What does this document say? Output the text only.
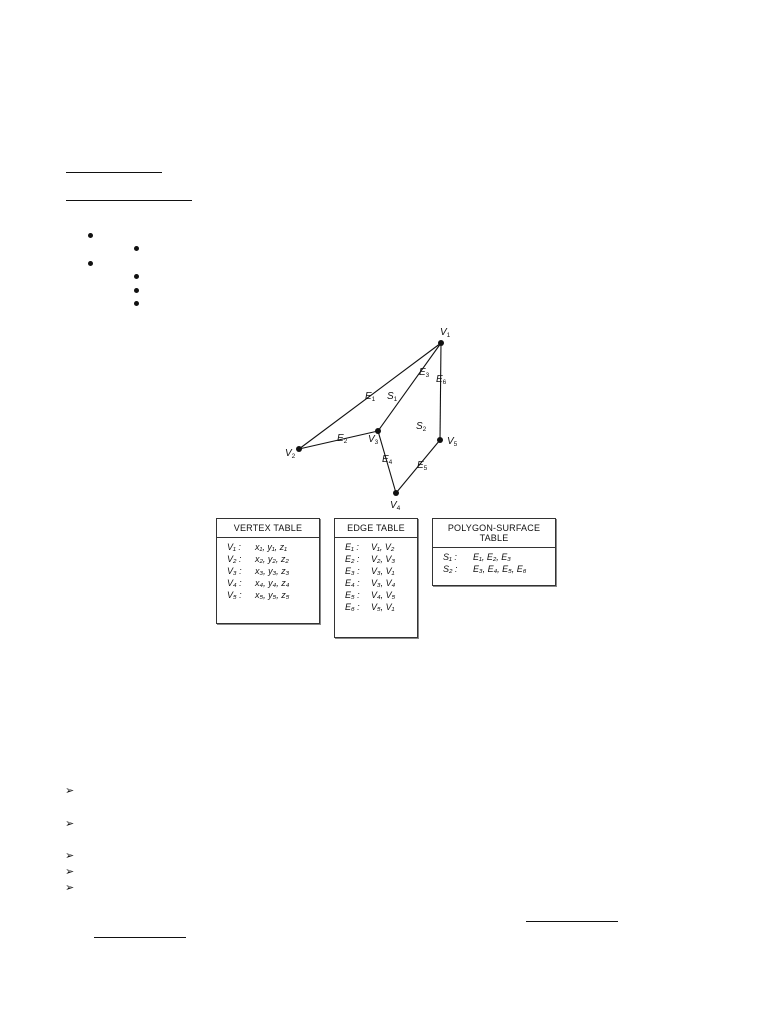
$V_1$
$V_2$
$V_3$
$V_4$
$V_5$
$E_1$
$E_2$
$E_3$
$E_4$ $E_5$
$E_6$
$S_1$
$S_2$
VERTEX TABLE
V₁ :	x₁, y₁, z₁
V₂ :	x₂, y₂, z₂
V₃ :	x₃, y₃, z₃
V₄ :	x₄, y₄, z₄
V₅ :	x₅, y₅, z₅
EDGE TABLE
E₁ :	V₁, V₂
E₂ :	V₂, V₃
E₃ :	V₃, V₁
E₄ :	V₃, V₄
E₅ :	V₄, V₅
E₆ :	V₅, V₁
POLYGON-SURFACE
TABLE
S₁ :	E₁, E₂, E₃
S₂ :	E₃, E₄, E₅, E₆
➢
➢
➢
➢
➢
